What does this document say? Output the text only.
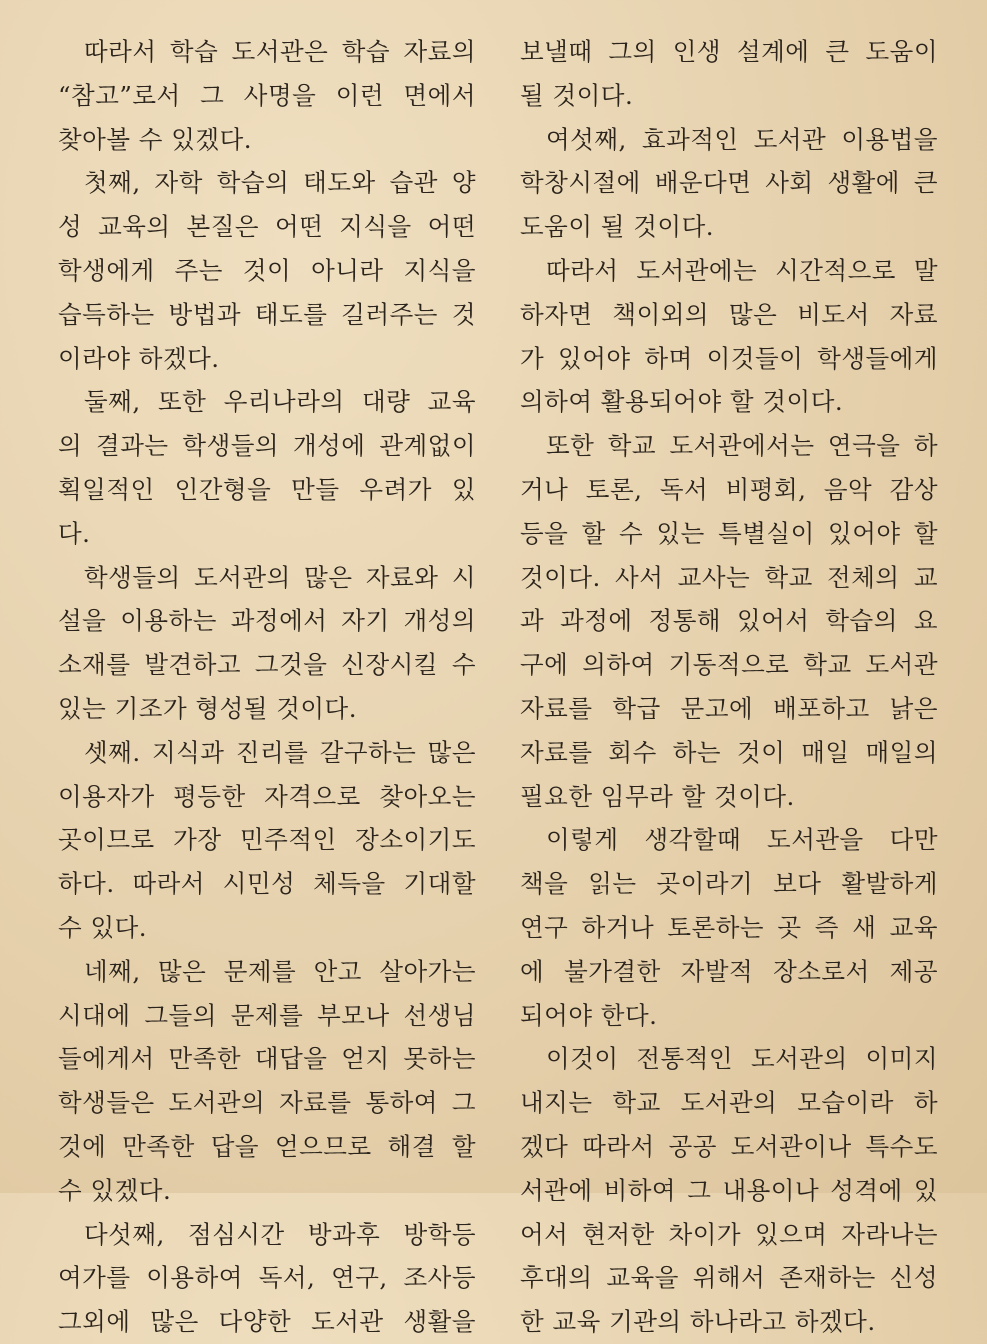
따라서 학습 도서관은 학습 자료의
“참고”로서 그 사명을 이런 면에서
찾아볼 수 있겠다.
첫째, 자학 학습의 태도와 습관 양
성 교육의 본질은 어떤 지식을 어떤
학생에게 주는 것이 아니라 지식을
습득하는 방법과 태도를 길러주는 것
이라야 하겠다.
둘째, 또한 우리나라의 대량 교육
의 결과는 학생들의 개성에 관계없이
획일적인 인간형을 만들 우려가 있
다.
학생들의 도서관의 많은 자료와 시
설을 이용하는 과정에서 자기 개성의
소재를 발견하고 그것을 신장시킬 수
있는 기조가 형성될 것이다.
셋째. 지식과 진리를 갈구하는 많은
이용자가 평등한 자격으로 찾아오는
곳이므로 가장 민주적인 장소이기도
하다. 따라서 시민성 체득을 기대할
수 있다.
네째, 많은 문제를 안고 살아가는
시대에 그들의 문제를 부모나 선생님
들에게서 만족한 대답을 얻지 못하는
학생들은 도서관의 자료를 통하여 그
것에 만족한 답을 얻으므로 해결 할
수 있겠다.
다섯째, 점심시간 방과후 방학등
여가를 이용하여 독서, 연구, 조사등
그외에 많은 다양한 도서관 생활을
보낼때 그의 인생 설계에 큰 도움이
될 것이다.
여섯째, 효과적인 도서관 이용법을
학창시절에 배운다면 사회 생활에 큰
도움이 될 것이다.
따라서 도서관에는 시간적으로 말
하자면 책이외의 많은 비도서 자료
가 있어야 하며 이것들이 학생들에게
의하여 활용되어야 할 것이다.
또한 학교 도서관에서는 연극을 하
거나 토론, 독서 비평회, 음악 감상
등을 할 수 있는 특별실이 있어야 할
것이다. 사서 교사는 학교 전체의 교
과 과정에 정통해 있어서 학습의 요
구에 의하여 기동적으로 학교 도서관
자료를 학급 문고에 배포하고 낡은
자료를 회수 하는 것이 매일 매일의
필요한 임무라 할 것이다.
이렇게 생각할때 도서관을 다만
책을 읽는 곳이라기 보다 활발하게
연구 하거나 토론하는 곳 즉 새 교육
에 불가결한 자발적 장소로서 제공
되어야 한다.
이것이 전통적인 도서관의 이미지
내지는 학교 도서관의 모습이라 하
겠다 따라서 공공 도서관이나 특수도
서관에 비하여 그 내용이나 성격에 있
어서 현저한 차이가 있으며 자라나는
후대의 교육을 위해서 존재하는 신성
한 교육 기관의 하나라고 하겠다.
